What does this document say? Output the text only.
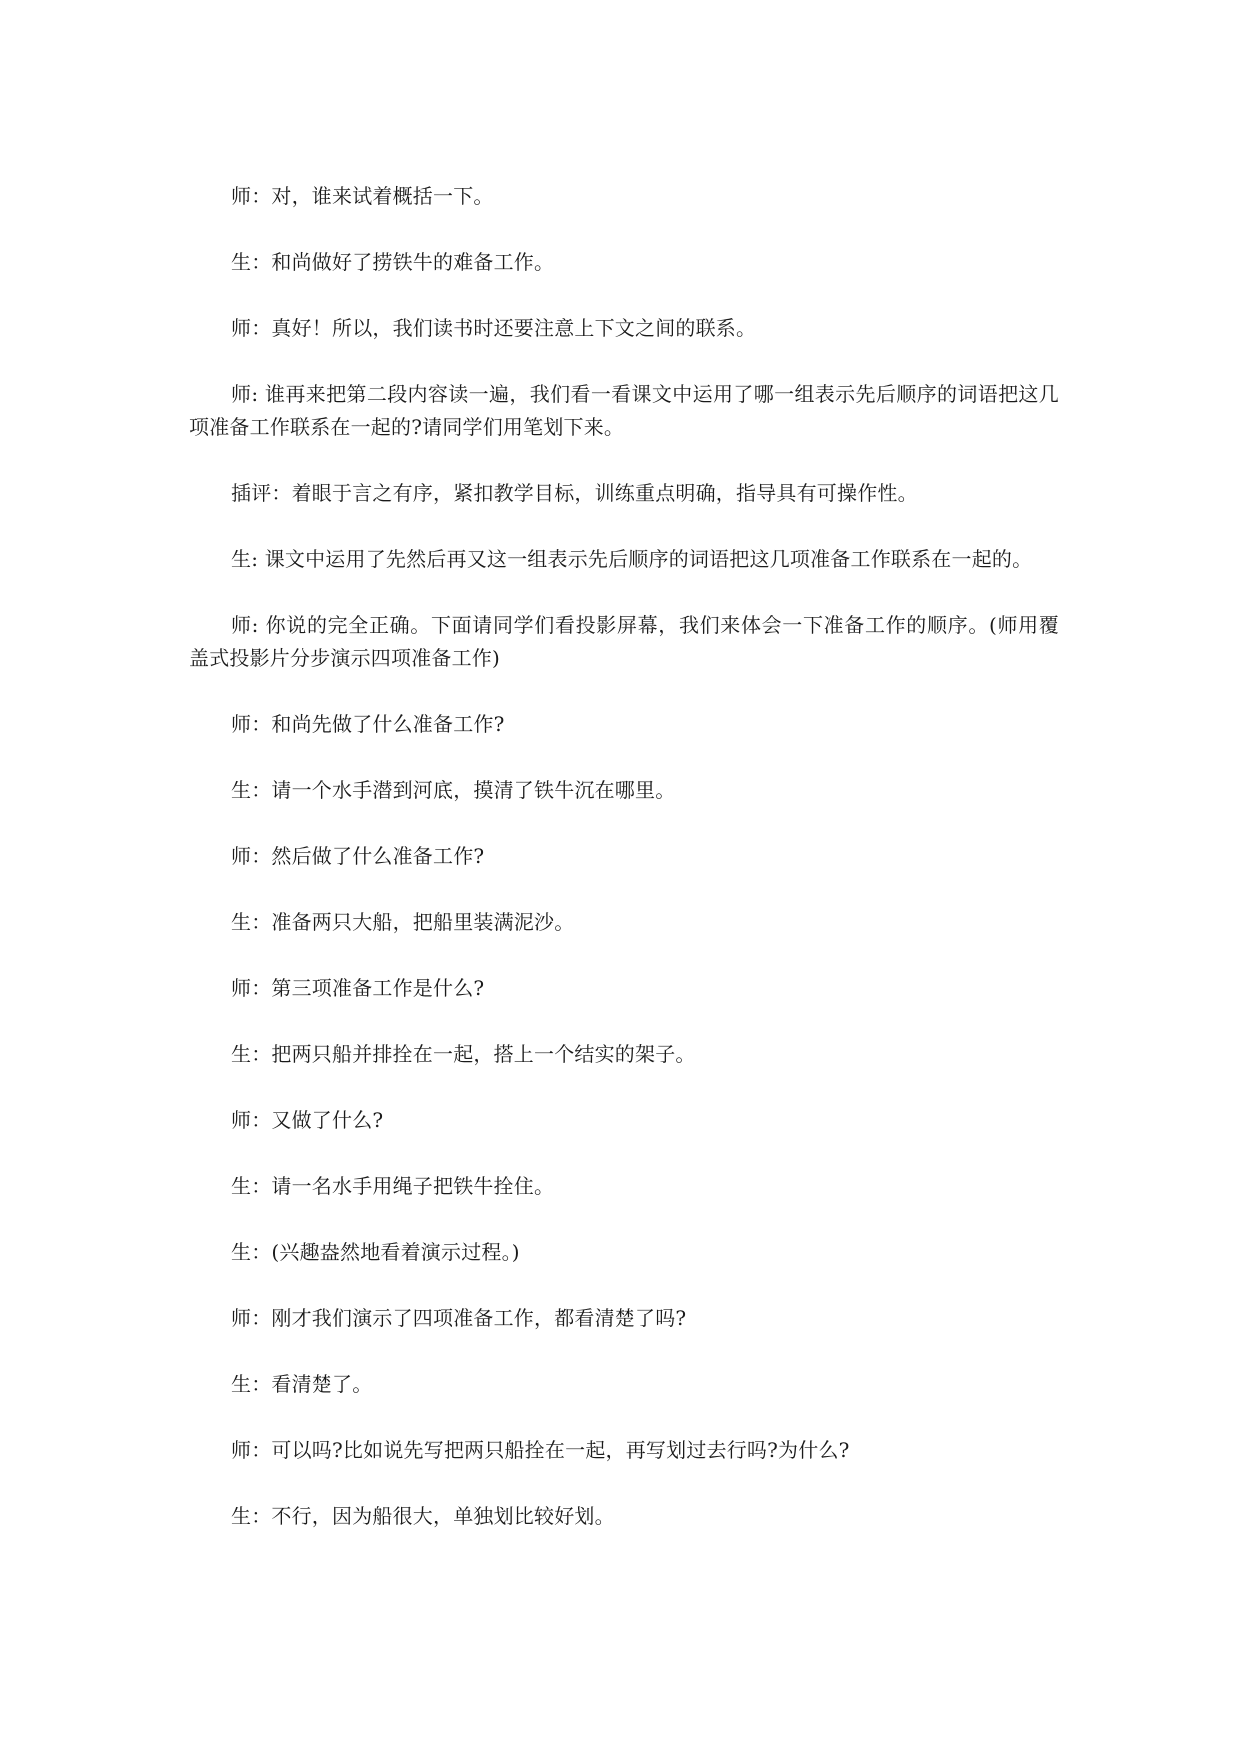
师：对，谁来试着概括一下。

生：和尚做好了捞铁牛的难备工作。

师：真好！所以，我们读书时还要注意上下文之间的联系。

师: 谁再来把第二段内容读一遍，我们看一看课文中运用了哪一组表示先后顺序的词语把这几项准备工作联系在一起的?请同学们用笔划下来。

插评：着眼于言之有序，紧扣教学目标，训练重点明确，指导具有可操作性。

生: 课文中运用了先然后再又这一组表示先后顺序的词语把这几项准备工作联系在一起的。

师: 你说的完全正确。下面请同学们看投影屏幕，我们来体会一下准备工作的顺序。(师用覆盖式投影片分步演示四项准备工作)

师：和尚先做了什么准备工作?

生：请一个水手潜到河底，摸清了铁牛沉在哪里。

师：然后做了什么准备工作?

生：准备两只大船，把船里装满泥沙。

师：第三项准备工作是什么?

生：把两只船并排拴在一起，搭上一个结实的架子。

师：又做了什么?

生：请一名水手用绳子把铁牛拴住。

生：(兴趣盎然地看着演示过程。)

师：刚才我们演示了四项准备工作，都看清楚了吗?

生：看清楚了。

师：可以吗?比如说先写把两只船拴在一起，再写划过去行吗?为什么?

生：不行，因为船很大，单独划比较好划。
